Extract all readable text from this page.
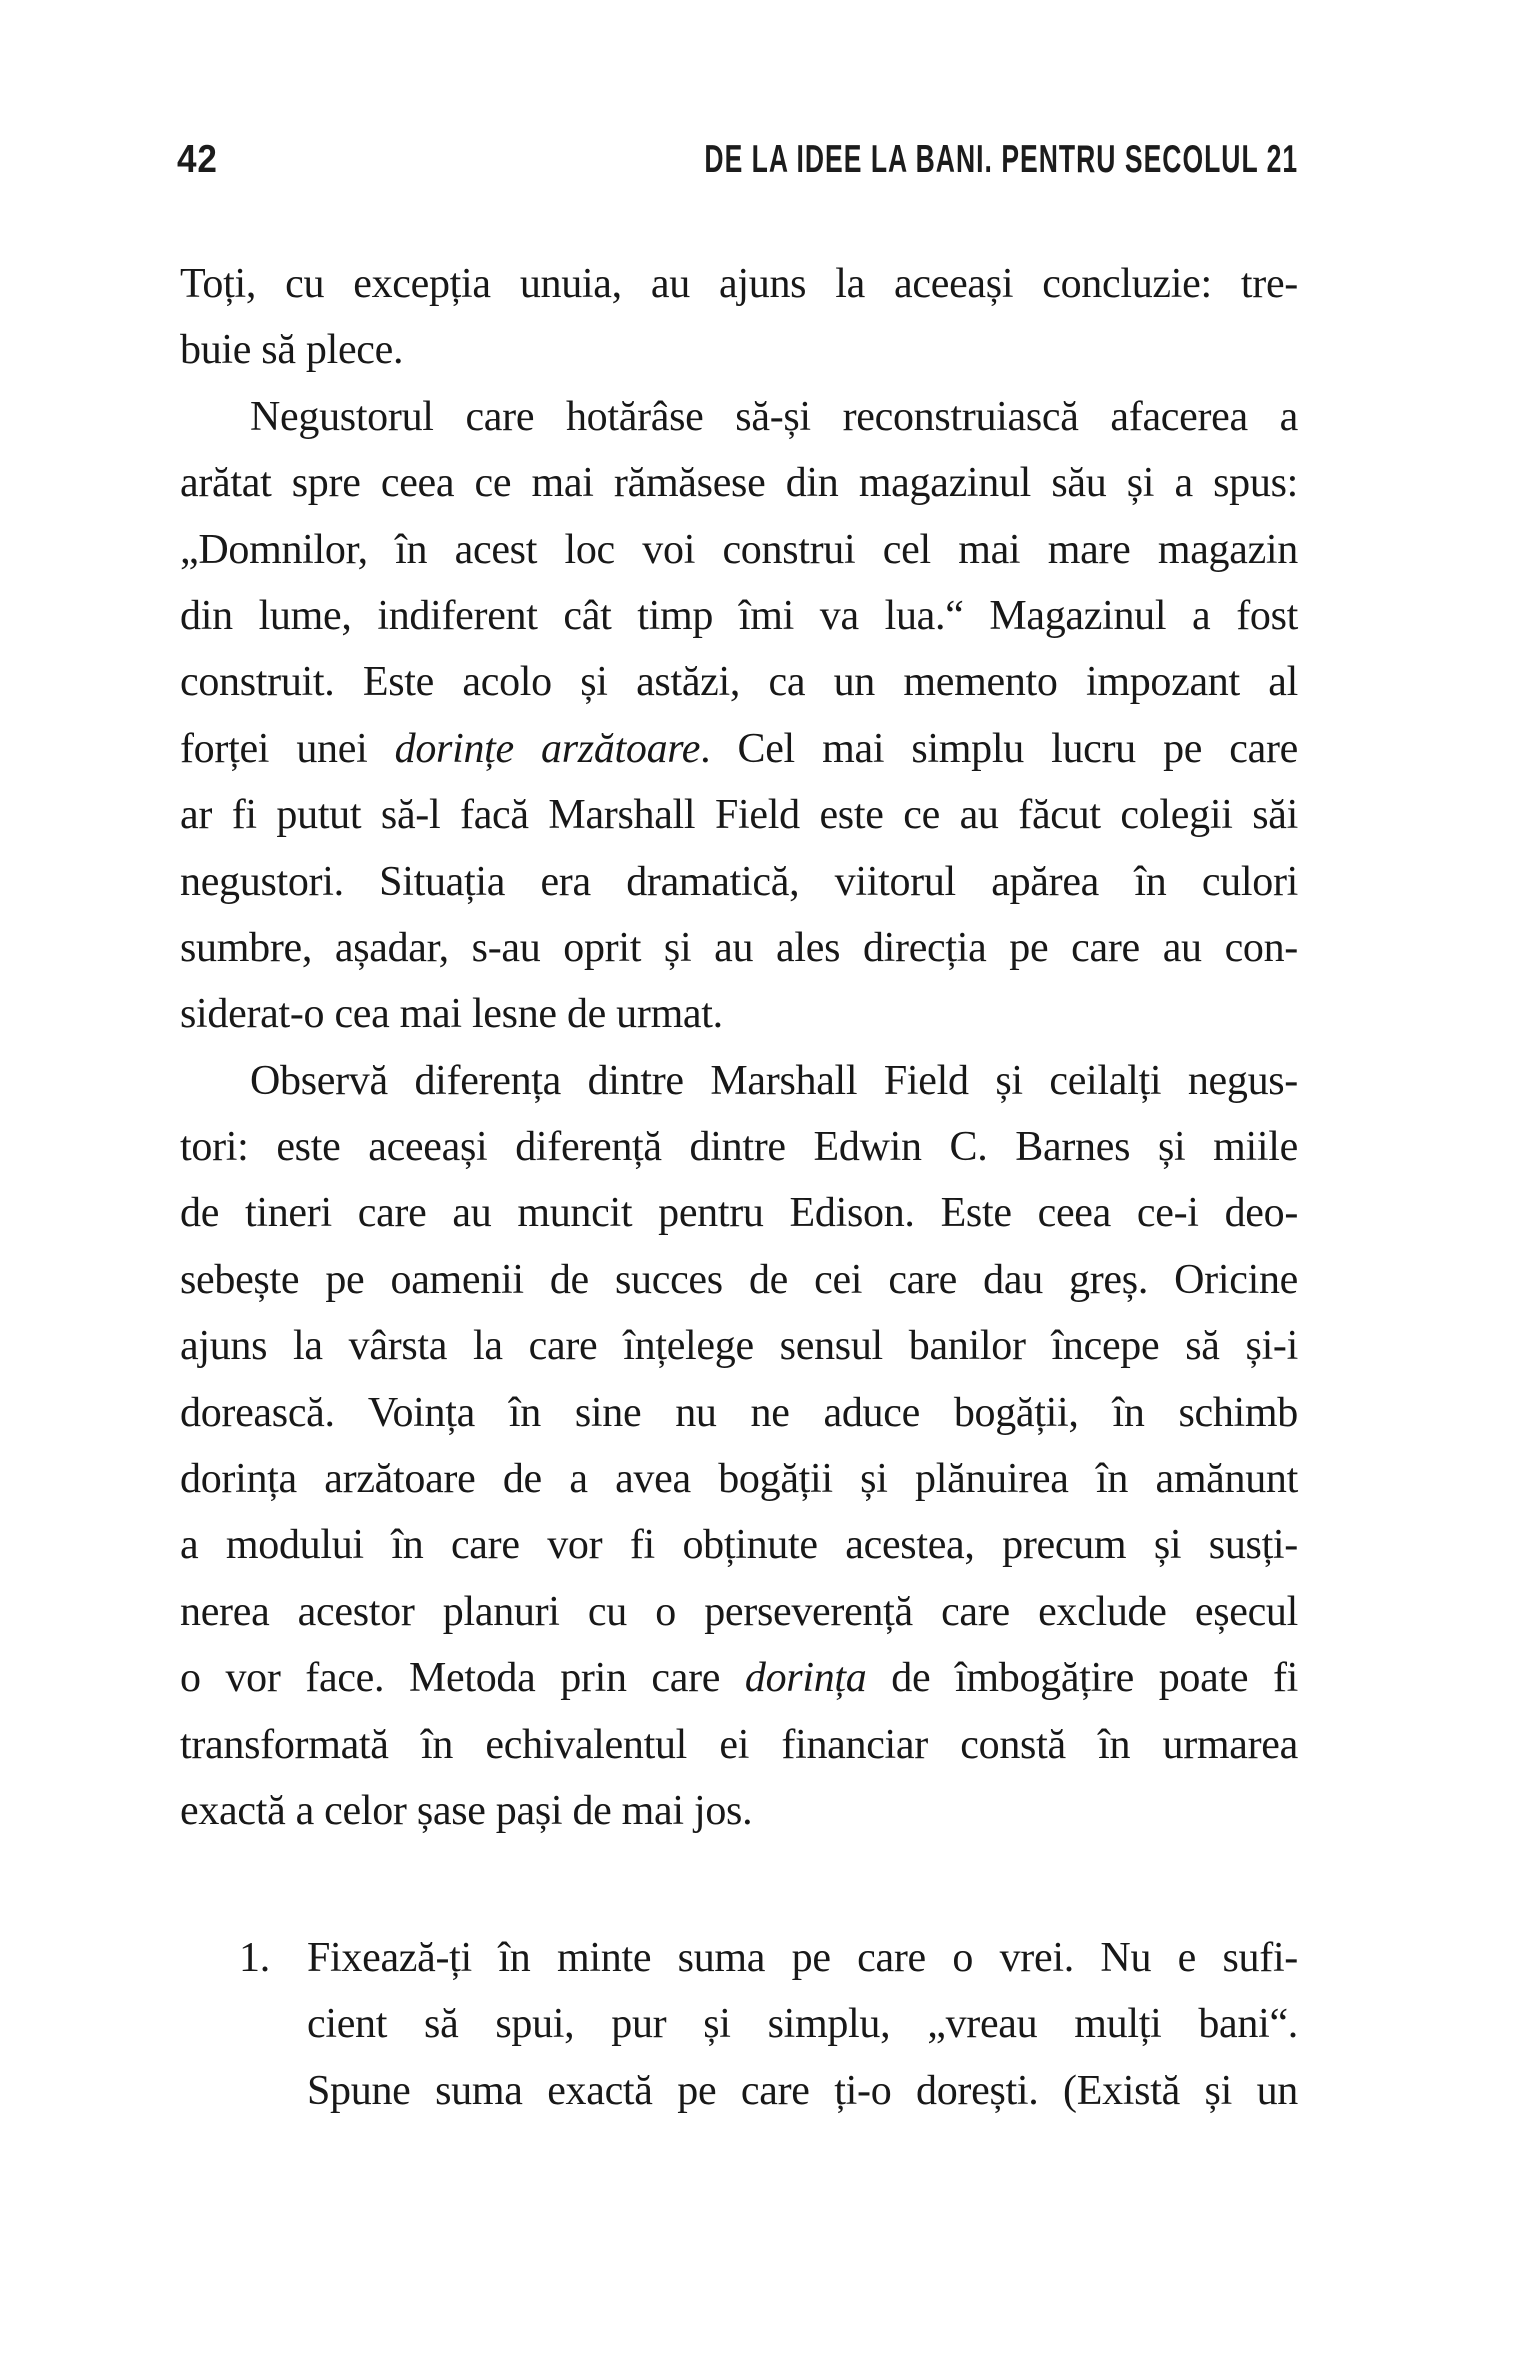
42	DE LA IDEE LA BANI. PENTRU SECOLUL 21
Toți, cu excepția unuia, au ajuns la aceeași concluzie: tre-
buie să plece.
Negustorul care hotărâse să-și reconstruiască afacerea a
arătat spre ceea ce mai rămăsese din magazinul său și a spus:
„Domnilor, în acest loc voi construi cel mai mare magazin
din lume, indiferent cât timp îmi va lua.“ Magazinul a fost
construit. Este acolo și astăzi, ca un memento impozant al
forței unei dorințe arzătoare. Cel mai simplu lucru pe care
ar fi putut să-l facă Marshall Field este ce au făcut colegii săi
negustori. Situația era dramatică, viitorul apărea în culori
sumbre, așadar, s-au oprit și au ales direcția pe care au con-
siderat-o cea mai lesne de urmat.
Observă diferența dintre Marshall Field și ceilalți negus-
tori: este aceeași diferență dintre Edwin C. Barnes și miile
de tineri care au muncit pentru Edison. Este ceea ce-i deo-
sebește pe oamenii de succes de cei care dau greș. Oricine
ajuns la vârsta la care înțelege sensul banilor începe să și-i
dorească. Voința în sine nu ne aduce bogății, în schimb
dorința arzătoare de a avea bogății și plănuirea în amănunt
a modului în care vor fi obținute acestea, precum și susți-
nerea acestor planuri cu o perseverență care exclude eșecul
o vor face. Metoda prin care dorința de îmbogățire poate fi
transformată în echivalentul ei financiar constă în urmarea
exactă a celor șase pași de mai jos.
1. Fixează-ți în minte suma pe care o vrei. Nu e sufi-
cient să spui, pur și simplu, „vreau mulți bani“.
Spune suma exactă pe care ți-o dorești. (Există și un
